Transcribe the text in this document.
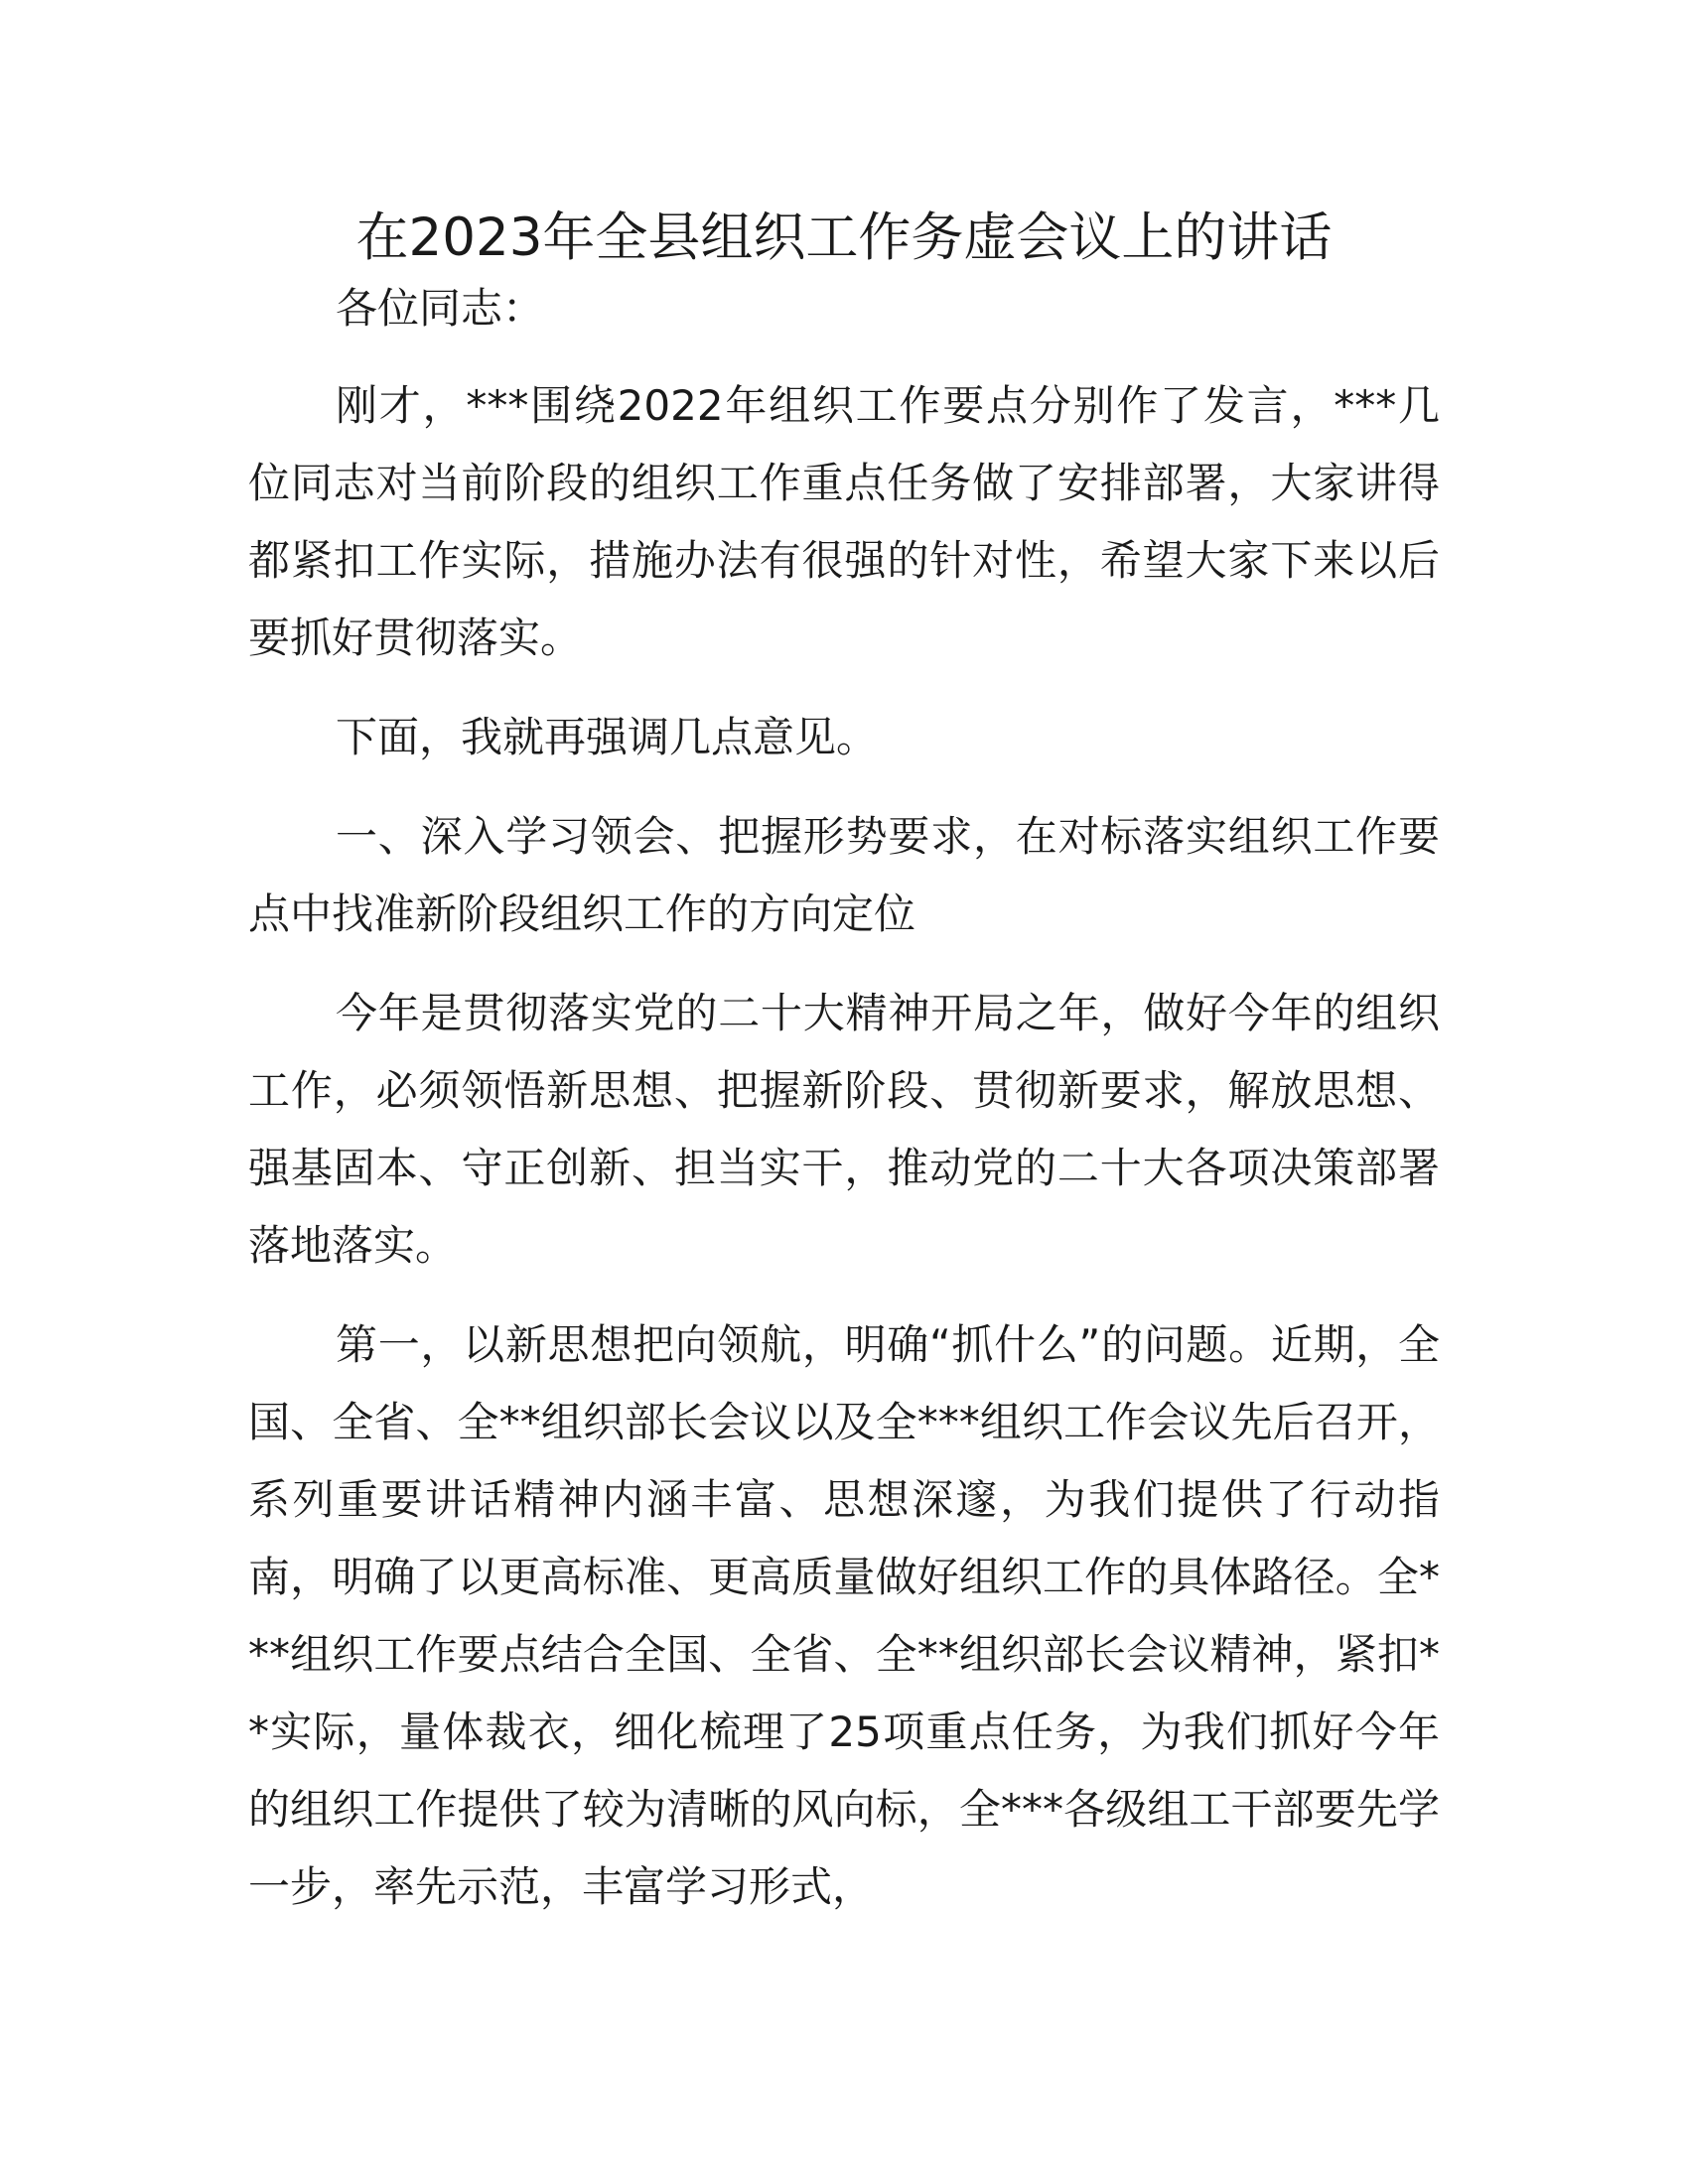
在2023年全县组织工作务虚会议上的讲话

各位同志：

刚才，***围绕2022年组织工作要点分别作了发言，***几位同志对当前阶段的组织工作重点任务做了安排部署，大家讲得都紧扣工作实际，措施办法有很强的针对性，希望大家下来以后要抓好贯彻落实。

下面，我就再强调几点意见。

一、深入学习领会、把握形势要求，在对标落实组织工作要点中找准新阶段组织工作的方向定位

今年是贯彻落实党的二十大精神开局之年，做好今年的组织工作，必须领悟新思想、把握新阶段、贯彻新要求，解放思想、强基固本、守正创新、担当实干，推动党的二十大各项决策部署落地落实。

第一，以新思想把向领航，明确“抓什么”的问题。近期，全国、全省、全**组织部长会议以及全***组织工作会议先后召开，系列重要讲话精神内涵丰富、思想深邃，为我们提供了行动指南，明确了以更高标准、更高质量做好组织工作的具体路径。全***组织工作要点结合全国、全省、全**组织部长会议精神，紧扣**实际，量体裁衣，细化梳理了25项重点任务，为我们抓好今年的组织工作提供了较为清晰的风向标，全***各级组工干部要先学一步，率先示范，丰富学习形式，
